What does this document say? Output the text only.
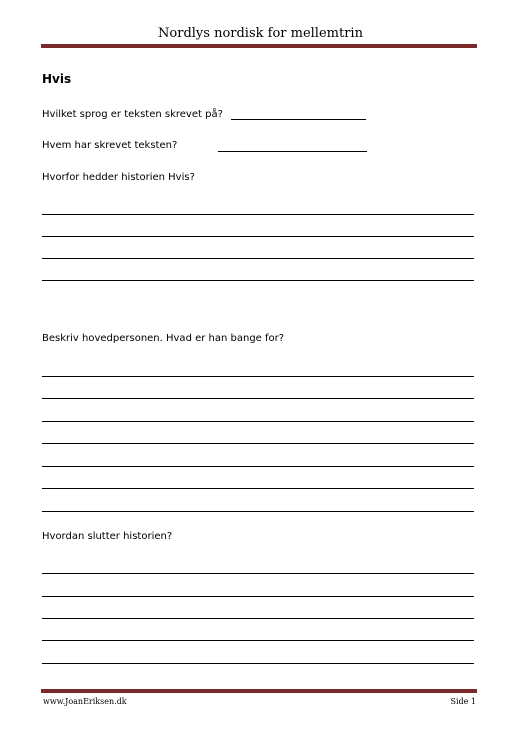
Nordlys nordisk for mellemtrin
Hvis
Hvilket sprog er teksten skrevet på?
Hvem har skrevet teksten?
Hvorfor hedder historien Hvis?
Beskriv hovedpersonen. Hvad er han bange for?
Hvordan slutter historien?
www.JoanEriksen.dk	Side 1
